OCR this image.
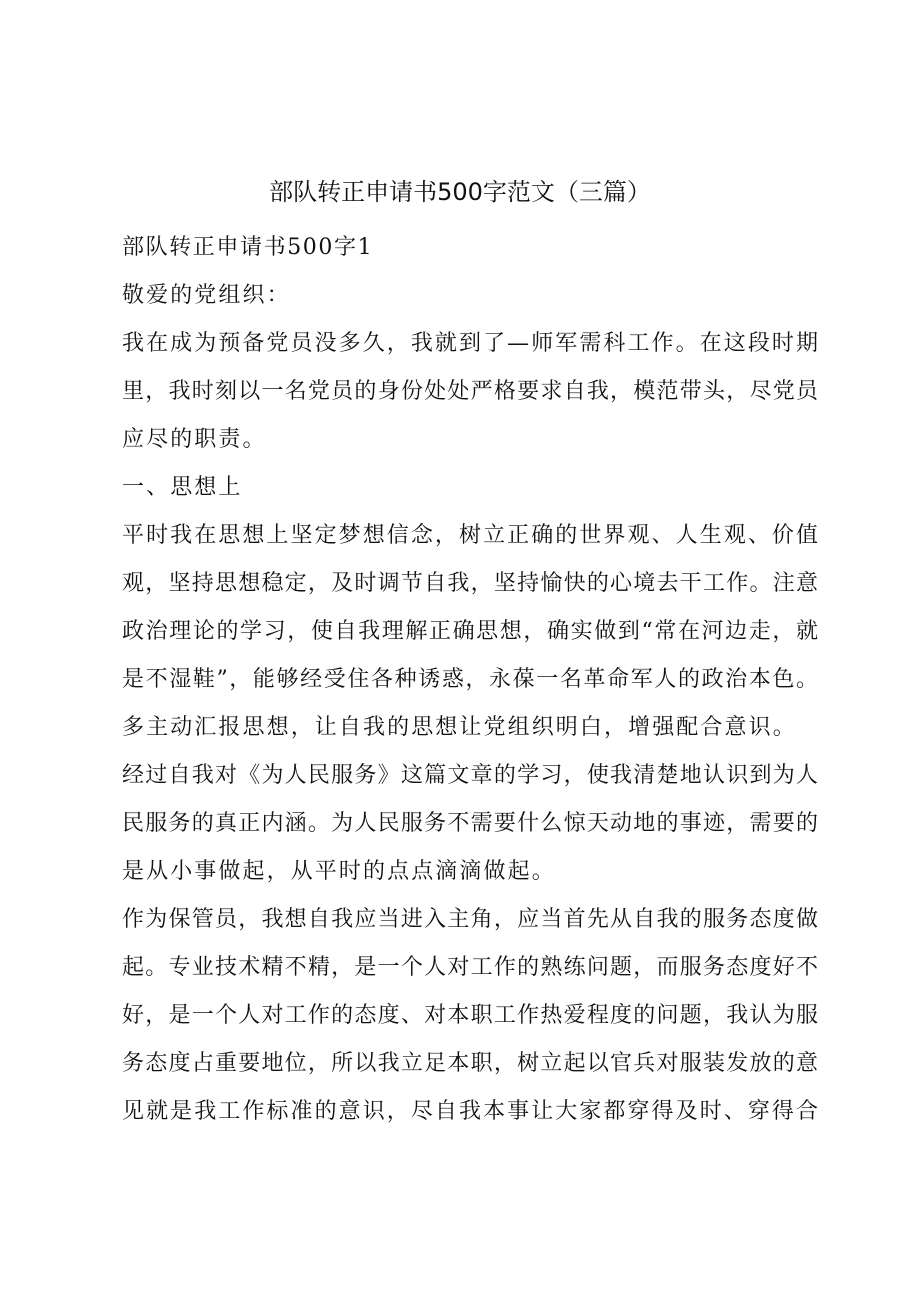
部队转正申请书500字范文（三篇）
部队转正申请书500字1
敬爱的党组织：
我在成为预备党员没多久，我就到了—师军需科工作。在这段时期
里，我时刻以一名党员的身份处处严格要求自我，模范带头，尽党员
应尽的职责。
一、思想上
平时我在思想上坚定梦想信念，树立正确的世界观、人生观、价值
观，坚持思想稳定，及时调节自我，坚持愉快的心境去干工作。注意
政治理论的学习，使自我理解正确思想，确实做到“常在河边走，就
是不湿鞋”，能够经受住各种诱惑，永葆一名革命军人的政治本色。
多主动汇报思想，让自我的思想让党组织明白，增强配合意识。
经过自我对《为人民服务》这篇文章的学习，使我清楚地认识到为人
民服务的真正内涵。为人民服务不需要什么惊天动地的事迹，需要的
是从小事做起，从平时的点点滴滴做起。
作为保管员，我想自我应当进入主角，应当首先从自我的服务态度做
起。专业技术精不精，是一个人对工作的熟练问题，而服务态度好不
好，是一个人对工作的态度、对本职工作热爱程度的问题，我认为服
务态度占重要地位，所以我立足本职，树立起以官兵对服装发放的意
见就是我工作标准的意识，尽自我本事让大家都穿得及时、穿得合
